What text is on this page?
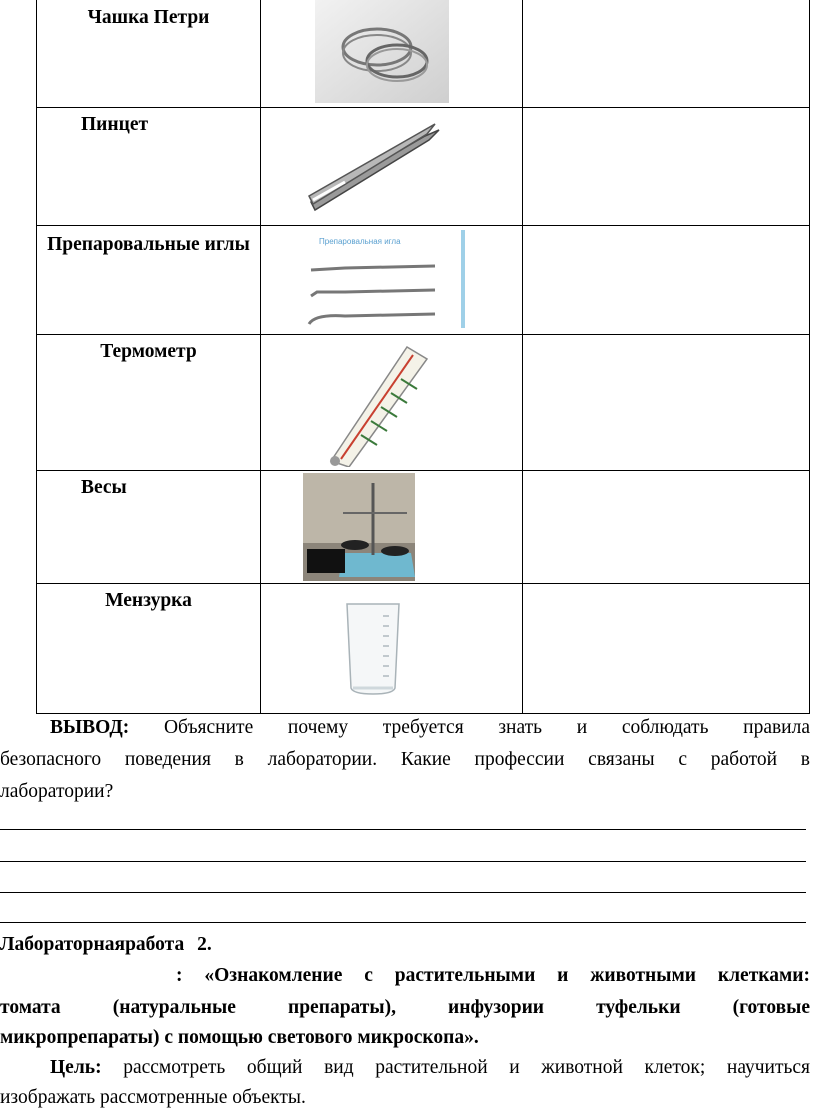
Чашка Петри

Пинцет

Препаровальные иглы	Препаровальная игла	

Термометр

Весы

Мензурка

ВЫВОД: Объясните почему требуется знать и соблюдать правила
безопасного поведения в лаборатории. Какие профессии связаны с работой в
лаборатории?
Лабораторнаяработа 2.
: «Ознакомление с растительными и животными клетками:
томата (натуральные препараты), инфузории туфельки (готовые
микропрепараты) с помощью светового микроскопа».
Цель: рассмотреть общий вид растительной и животной клеток; научиться
изображать рассмотренные объекты.
